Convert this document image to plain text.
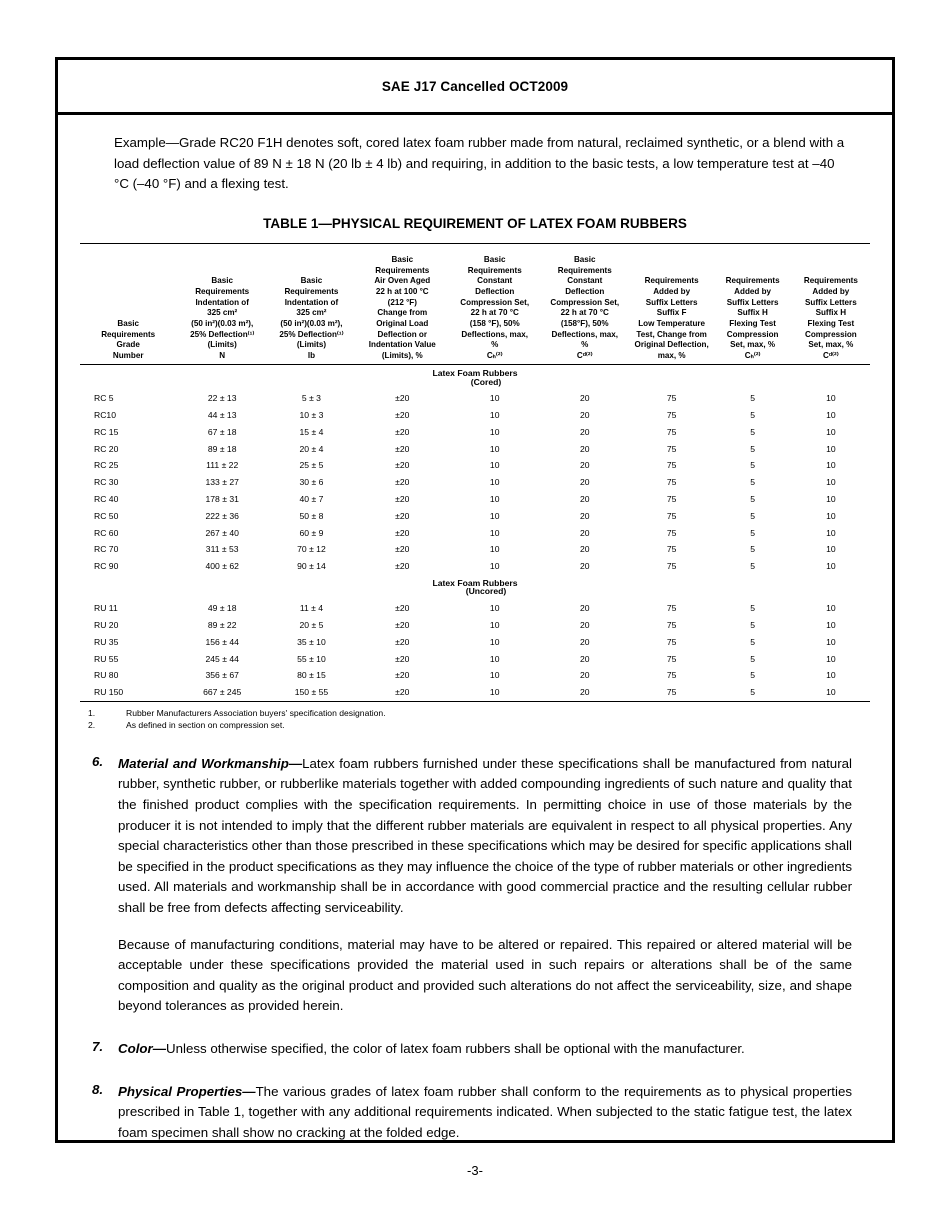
SAE J17 Cancelled OCT2009

Example—Grade RC20 F1H denotes soft, cored latex foam rubber made from natural, reclaimed synthetic, or a blend with a load deflection value of 89 N ± 18 N (20 lb ± 4 lb) and requiring, in addition to the basic tests, a low temperature test at –40 °C (–40 °F) and a flexing test.

TABLE 1—PHYSICAL REQUIREMENT OF LATEX FOAM RUBBERS
Basic
Requirements
Grade
Number

Basic
Requirements
Indentation of
325 cm²
(50 in²)(0.03 m²),
25% Deflection⁽¹⁾
(Limits)
N

Basic
Requirements
Indentation of
325 cm²
(50 in²)(0.03 m²),
25% Deflection⁽¹⁾
(Limits)
lb

Basic
Requirements
Air Oven Aged
22 h at 100 °C
(212 °F)
Change from
Original Load
Deflection or
Indentation Value
(Limits), %

Basic
Requirements
Constant
Deflection
Compression Set,
22 h at 70 °C
(158 °F), 50%
Deflections, max,
%
Cₕ⁽²⁾

Basic
Requirements
Constant
Deflection
Compression Set,
22 h at 70 °C
(158°F), 50%
Deflections, max,
%
Cᵈ⁽²⁾

Requirements
Added by
Suffix Letters
Suffix F
Low Temperature
Test, Change from
Original Deflection,
max, %

Requirements
Added by
Suffix Letters
Suffix H
Flexing Test
Compression
Set, max, %
Cₕ⁽²⁾

Requirements
Added by
Suffix Letters
Suffix H
Flexing Test
Compression
Set, max, %
Cᵈ⁽²⁾

Latex Foam Rubbers
(Cored)								

RC 5	22 ± 13	5 ± 3	±20	10	20	75	5	10
RC10	44 ± 13	10 ± 3	±20	10	20	75	5	10
RC 15	67 ± 18	15 ± 4	±20	10	20	75	5	10
RC 20	89 ± 18	20 ± 4	±20	10	20	75	5	10
RC 25	111 ± 22	25 ± 5	±20	10	20	75	5	10
RC 30	133 ± 27	30 ± 6	±20	10	20	75	5	10
RC 40	178 ± 31	40 ± 7	±20	10	20	75	5	10
RC 50	222 ± 36	50 ± 8	±20	10	20	75	5	10
RC 60	267 ± 40	60 ± 9	±20	10	20	75	5	10
RC 70	311 ± 53	70 ± 12	±20	10	20	75	5	10
RC 90	400 ± 62	90 ± 14	±20	10	20	75	5	10

Latex Foam Rubbers
(Uncored)								

RU 11	49 ± 18	11 ± 4	±20	10	20	75	5	10
RU 20	89 ± 22	20 ± 5	±20	10	20	75	5	10
RU 35	156 ± 44	35 ± 10	±20	10	20	75	5	10
RU 55	245 ± 44	55 ± 10	±20	10	20	75	5	10
RU 80	356 ± 67	80 ± 15	±20	10	20	75	5	10
RU 150	667 ± 245	150 ± 55	±20	10	20	75	5	10
1.	Rubber Manufacturers Association buyers' specification designation.
2.	As defined in section on compression set.
6.	Material and Workmanship—Latex foam rubbers furnished under these specifications shall be manufactured from natural rubber, synthetic rubber, or rubberlike materials together with added compounding ingredients of such nature and quality that the finished product complies with the specification requirements. In permitting choice in use of those materials by the producer it is not intended to imply that the different rubber materials are equivalent in respect to all physical properties. Any special characteristics other than those prescribed in these specifications which may be desired for specific applications shall be specified in the product specifications as they may influence the choice of the type of rubber materials or other ingredients used. All materials and workmanship shall be in accordance with good commercial practice and the resulting cellular rubber shall be free from defects affecting serviceability.
Because of manufacturing conditions, material may have to be altered or repaired. This repaired or altered material will be acceptable under these specifications provided the material used in such repairs or alterations shall be of the same composition and quality as the original product and provided such alterations do not affect the serviceability, size, and shape beyond tolerances as provided herein.
7.	Color—Unless otherwise specified, the color of latex foam rubbers shall be optional with the manufacturer.
8.	Physical Properties—The various grades of latex foam rubber shall conform to the requirements as to physical properties prescribed in Table 1, together with any additional requirements indicated. When subjected to the static fatigue test, the latex foam specimen shall show no cracking at the folded edge.
-3-
